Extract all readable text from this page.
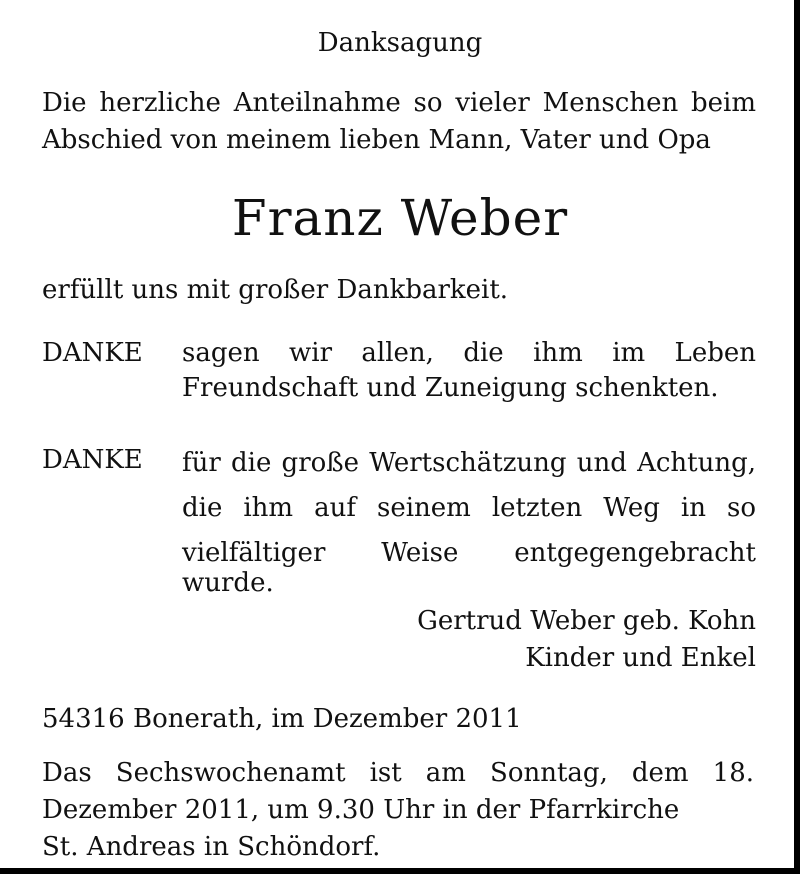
Danksagung

Die herzliche Anteilnahme so vieler Menschen beim

Abschied von meinem lieben Mann, Vater und Opa

Franz Weber

erfüllt uns mit großer Dankbarkeit.

DANKE sagen wir allen, die ihm im Leben

Freundschaft und Zuneigung schenkten.

DANKE für die große Wertschätzung und Achtung,

die ihm auf seinem letzten Weg in so

vielfältiger Weise entgegengebracht wurde.

Gertrud Weber geb. Kohn

Kinder und Enkel

54316 Bonerath, im Dezember 2011

Das Sechswochenamt ist am Sonntag, dem 18.

Dezember 2011, um 9.30 Uhr in der Pfarrkirche

St. Andreas in Schöndorf.
